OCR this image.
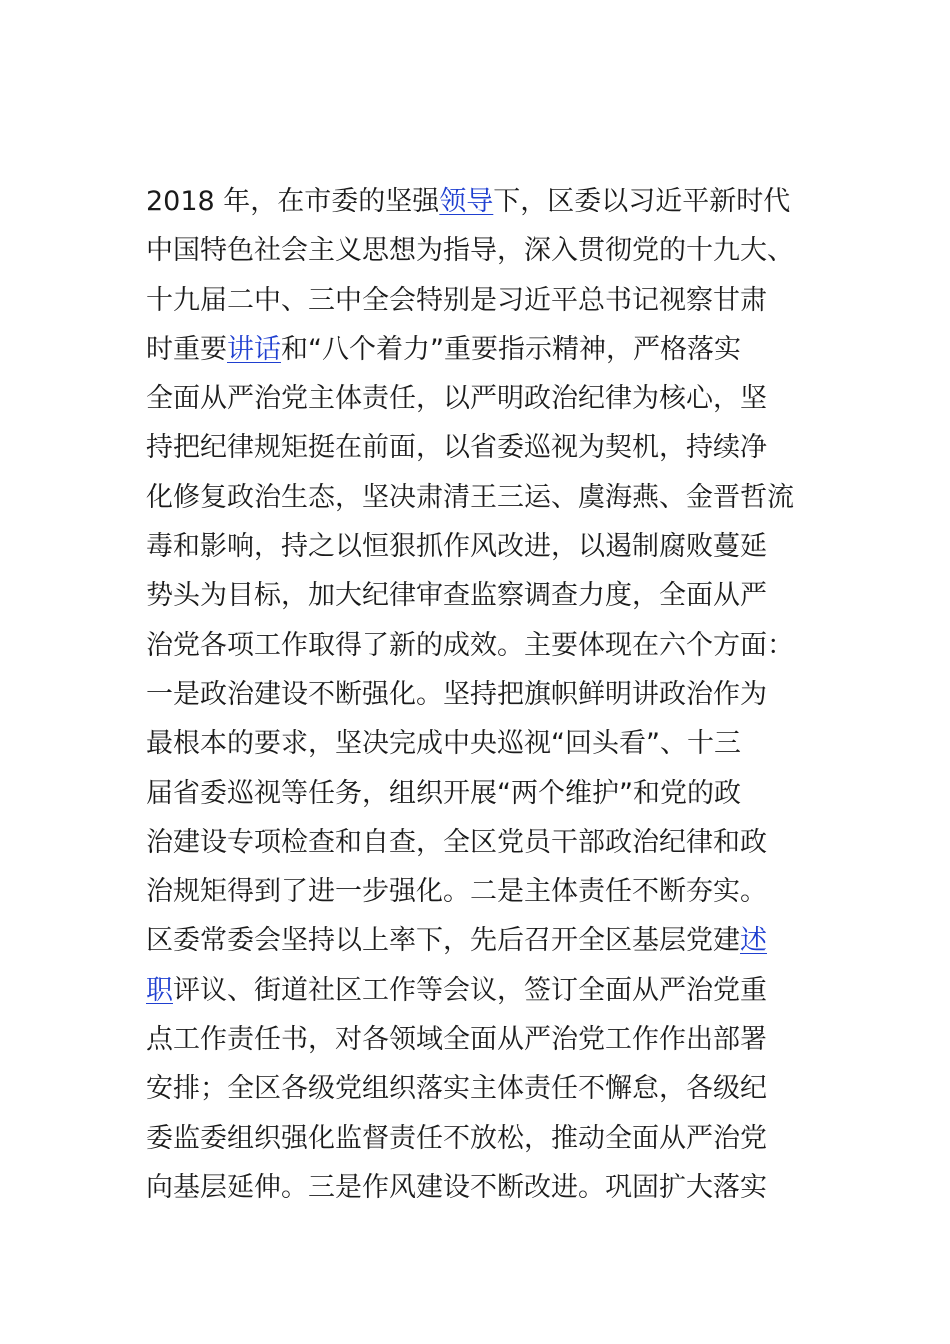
2018 年，在市委的坚强领导下，区委以习近平新时代
中国特色社会主义思想为指导，深入贯彻党的十九大、
十九届二中、三中全会特别是习近平总书记视察甘肃
时重要讲话和“八个着力”重要指示精神，严格落实
全面从严治党主体责任，以严明政治纪律为核心，坚
持把纪律规矩挺在前面，以省委巡视为契机，持续净
化修复政治生态，坚决肃清王三运、虞海燕、金晋哲流
毒和影响，持之以恒狠抓作风改进，以遏制腐败蔓延
势头为目标，加大纪律审查监察调查力度，全面从严
治党各项工作取得了新的成效。主要体现在六个方面：
一是政治建设不断强化。坚持把旗帜鲜明讲政治作为
最根本的要求，坚决完成中央巡视“回头看”、十三
届省委巡视等任务，组织开展“两个维护”和党的政
治建设专项检查和自查，全区党员干部政治纪律和政
治规矩得到了进一步强化。二是主体责任不断夯实。
区委常委会坚持以上率下，先后召开全区基层党建述
职评议、街道社区工作等会议，签订全面从严治党重
点工作责任书，对各领域全面从严治党工作作出部署
安排；全区各级党组织落实主体责任不懈怠，各级纪
委监委组织强化监督责任不放松，推动全面从严治党
向基层延伸。三是作风建设不断改进。巩固扩大落实
